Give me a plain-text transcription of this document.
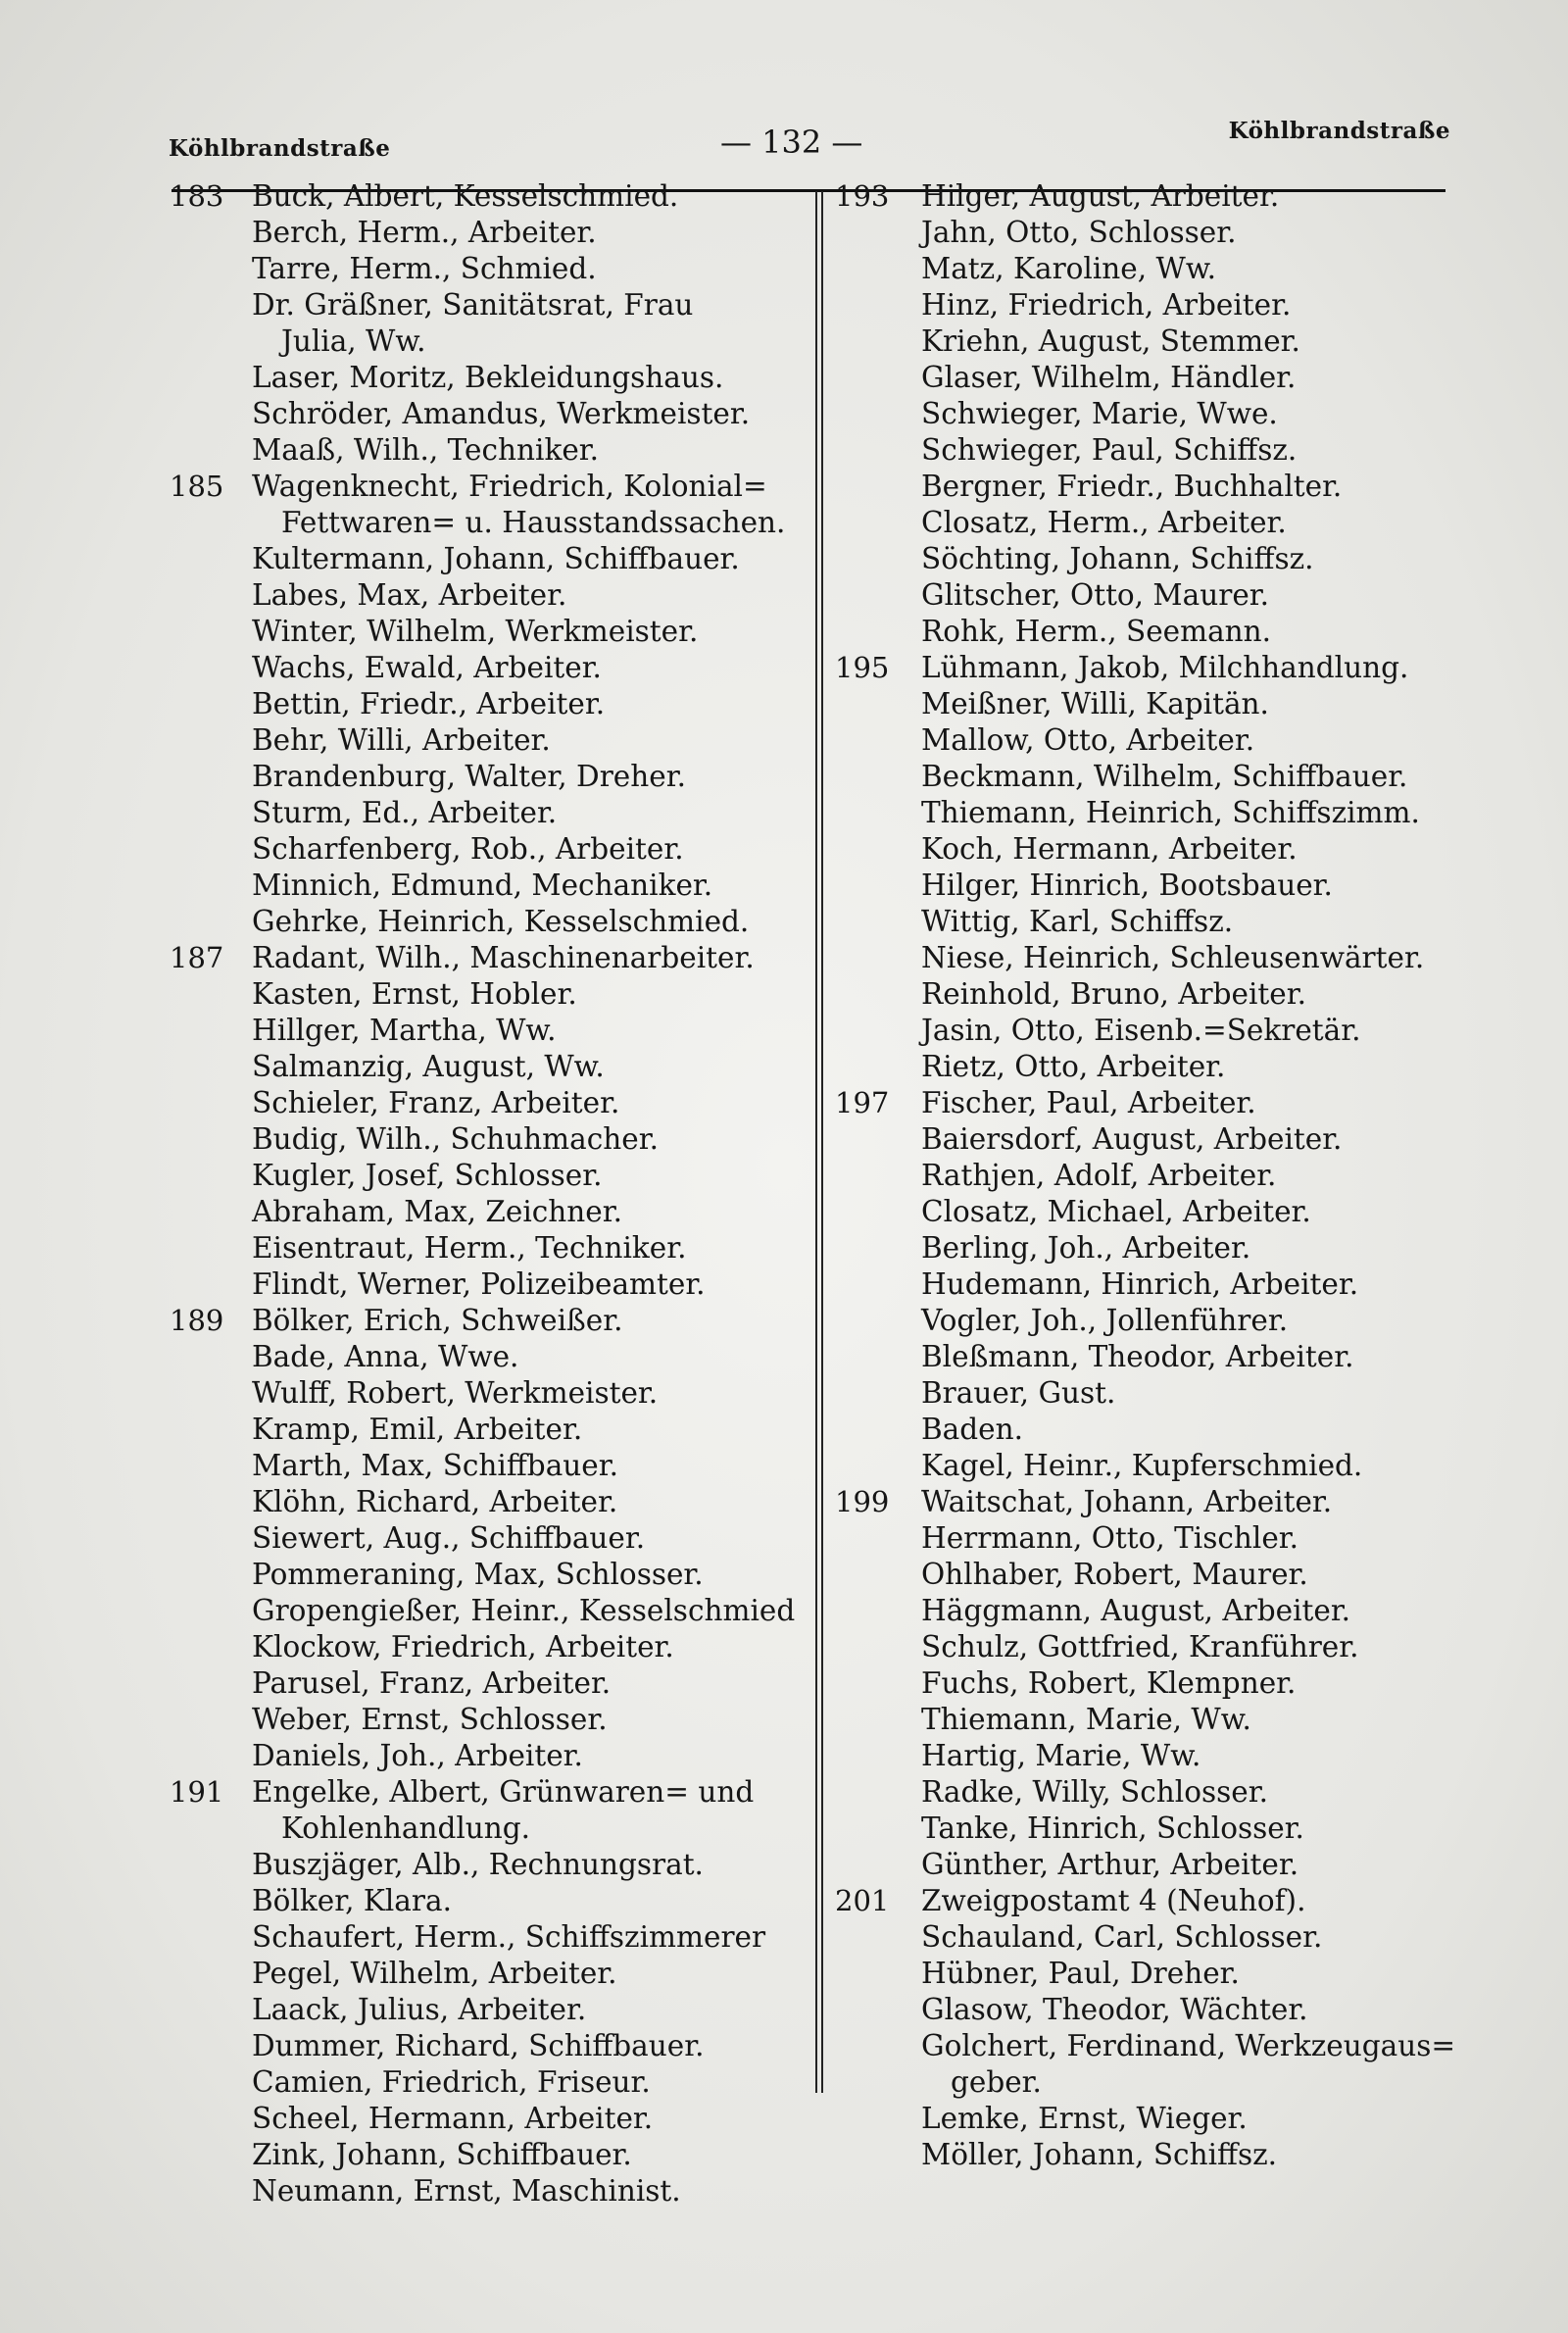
Köhlbrandstraße	— 132 —	Köhlbrandstraße
183 Buck, Albert, Kesselschmied.
Berch, Herm., Arbeiter.
Tarre, Herm., Schmied.
Dr. Gräßner, Sanitätsrat, Frau
Julia, Ww.
Laser, Moritz, Bekleidungshaus.
Schröder, Amandus, Werkmeister.
Maaß, Wilh., Techniker.
185 Wagenknecht, Friedrich, Kolonial=
Fettwaren= u. Hausstandssachen.
Kultermann, Johann, Schiffbauer.
Labes, Max, Arbeiter.
Winter, Wilhelm, Werkmeister.
Wachs, Ewald, Arbeiter.
Bettin, Friedr., Arbeiter.
Behr, Willi, Arbeiter.
Brandenburg, Walter, Dreher.
Sturm, Ed., Arbeiter.
Scharfenberg, Rob., Arbeiter.
Minnich, Edmund, Mechaniker.
Gehrke, Heinrich, Kesselschmied.
187 Radant, Wilh., Maschinenarbeiter.
Kasten, Ernst, Hobler.
Hillger, Martha, Ww.
Salmanzig, August, Ww.
Schieler, Franz, Arbeiter.
Budig, Wilh., Schuhmacher.
Kugler, Josef, Schlosser.
Abraham, Max, Zeichner.
Eisentraut, Herm., Techniker.
Flindt, Werner, Polizeibeamter.
189 Bölker, Erich, Schweißer.
Bade, Anna, Wwe.
Wulff, Robert, Werkmeister.
Kramp, Emil, Arbeiter.
Marth, Max, Schiffbauer.
Klöhn, Richard, Arbeiter.
Siewert, Aug., Schiffbauer.
Pommeraning, Max, Schlosser.
Gropengießer, Heinr., Kesselschmied
Klockow, Friedrich, Arbeiter.
Parusel, Franz, Arbeiter.
Weber, Ernst, Schlosser.
Daniels, Joh., Arbeiter.
191 Engelke, Albert, Grünwaren= und
Kohlenhandlung.
Buszjäger, Alb., Rechnungsrat.
Bölker, Klara.
Schaufert, Herm., Schiffszimmerer
Pegel, Wilhelm, Arbeiter.
Laack, Julius, Arbeiter.
Dummer, Richard, Schiffbauer.
Camien, Friedrich, Friseur.
Scheel, Hermann, Arbeiter.
Zink, Johann, Schiffbauer.
Neumann, Ernst, Maschinist.
193	Hilger, August, Arbeiter.
Jahn, Otto, Schlosser.
Matz, Karoline, Ww.
Hinz, Friedrich, Arbeiter.
Kriehn, August, Stemmer.
Glaser, Wilhelm, Händler.
Schwieger, Marie, Wwe.
Schwieger, Paul, Schiffsz.
Bergner, Friedr., Buchhalter.
Closatz, Herm., Arbeiter.
Söchting, Johann, Schiffsz.
Glitscher, Otto, Maurer.
Rohk, Herm., Seemann.
195	Lühmann, Jakob, Milchhandlung.
Meißner, Willi, Kapitän.
Mallow, Otto, Arbeiter.
Beckmann, Wilhelm, Schiffbauer.
Thiemann, Heinrich, Schiffszimm.
Koch, Hermann, Arbeiter.
Hilger, Hinrich, Bootsbauer.
Wittig, Karl, Schiffsz.
Niese, Heinrich, Schleusenwärter.
Reinhold, Bruno, Arbeiter.
Jasin, Otto, Eisenb.=Sekretär.
Rietz, Otto, Arbeiter.
197	Fischer, Paul, Arbeiter.
Baiersdorf, August, Arbeiter.
Rathjen, Adolf, Arbeiter.
Closatz, Michael, Arbeiter.
Berling, Joh., Arbeiter.
Hudemann, Hinrich, Arbeiter.
Vogler, Joh., Jollenführer.
Bleßmann, Theodor, Arbeiter.
Brauer, Gust.
Baden.
Kagel, Heinr., Kupferschmied.
199	Waitschat, Johann, Arbeiter.
Herrmann, Otto, Tischler.
Ohlhaber, Robert, Maurer.
Häggmann, August, Arbeiter.
Schulz, Gottfried, Kranführer.
Fuchs, Robert, Klempner.
Thiemann, Marie, Ww.
Hartig, Marie, Ww.
Radke, Willy, Schlosser.
Tanke, Hinrich, Schlosser.
Günther, Arthur, Arbeiter.
201	Zweigpostamt 4 (Neuhof).
Schauland, Carl, Schlosser.
Hübner, Paul, Dreher.
Glasow, Theodor, Wächter.
Golchert, Ferdinand, Werkzeugaus=
geber.
Lemke, Ernst, Wieger.
Möller, Johann, Schiffsz.
